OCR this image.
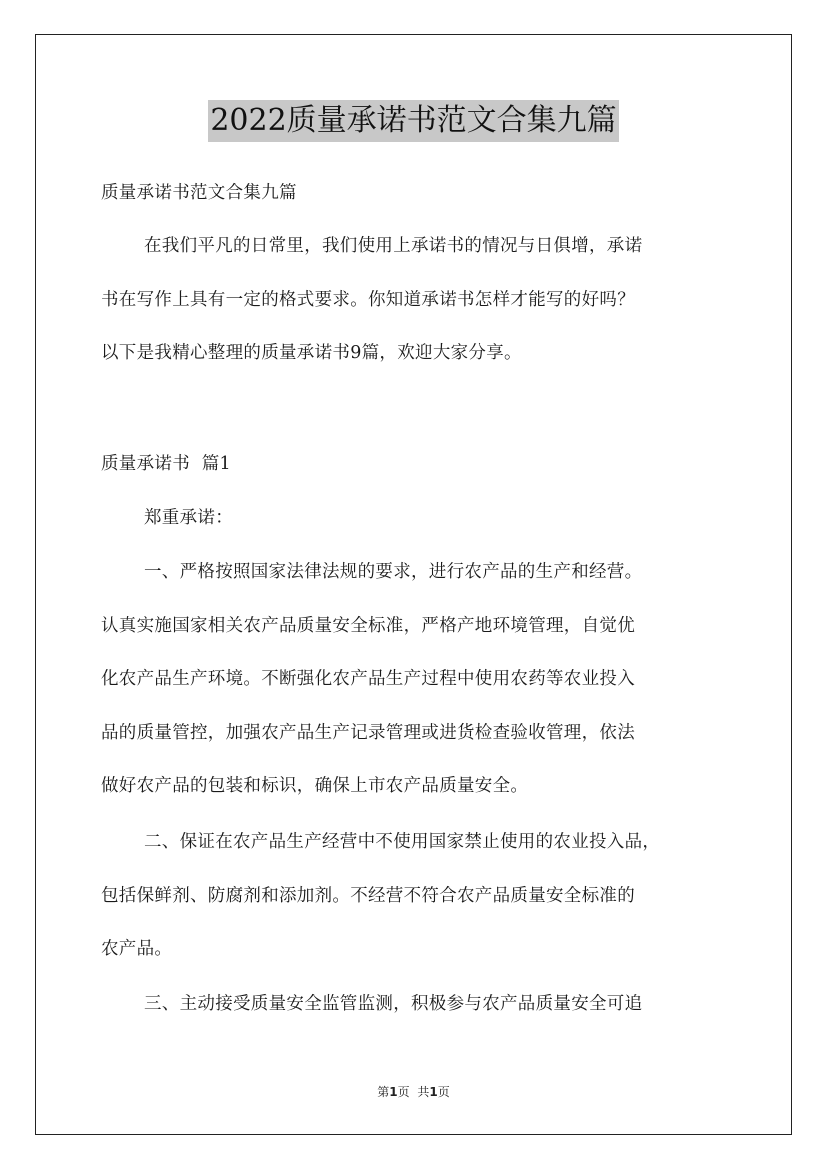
2022质量承诺书范文合集九篇
质量承诺书范文合集九篇
在我们平凡的日常里，我们使用上承诺书的情况与日俱增，承诺
书在写作上具有一定的格式要求。你知道承诺书怎样才能写的好吗？
以下是我精心整理的质量承诺书9篇，欢迎大家分享。
质量承诺书  篇1
郑重承诺：
一、严格按照国家法律法规的要求，进行农产品的生产和经营。
认真实施国家相关农产品质量安全标准，严格产地环境管理，自觉优
化农产品生产环境。不断强化农产品生产过程中使用农药等农业投入
品的质量管控，加强农产品生产记录管理或进货检查验收管理，依法
做好农产品的包装和标识，确保上市农产品质量安全。
二、保证在农产品生产经营中不使用国家禁止使用的农业投入品，
包括保鲜剂、防腐剂和添加剂。不经营不符合农产品质量安全标准的
农产品。
三、主动接受质量安全监管监测，积极参与农产品质量安全可追
第1页 共1页
